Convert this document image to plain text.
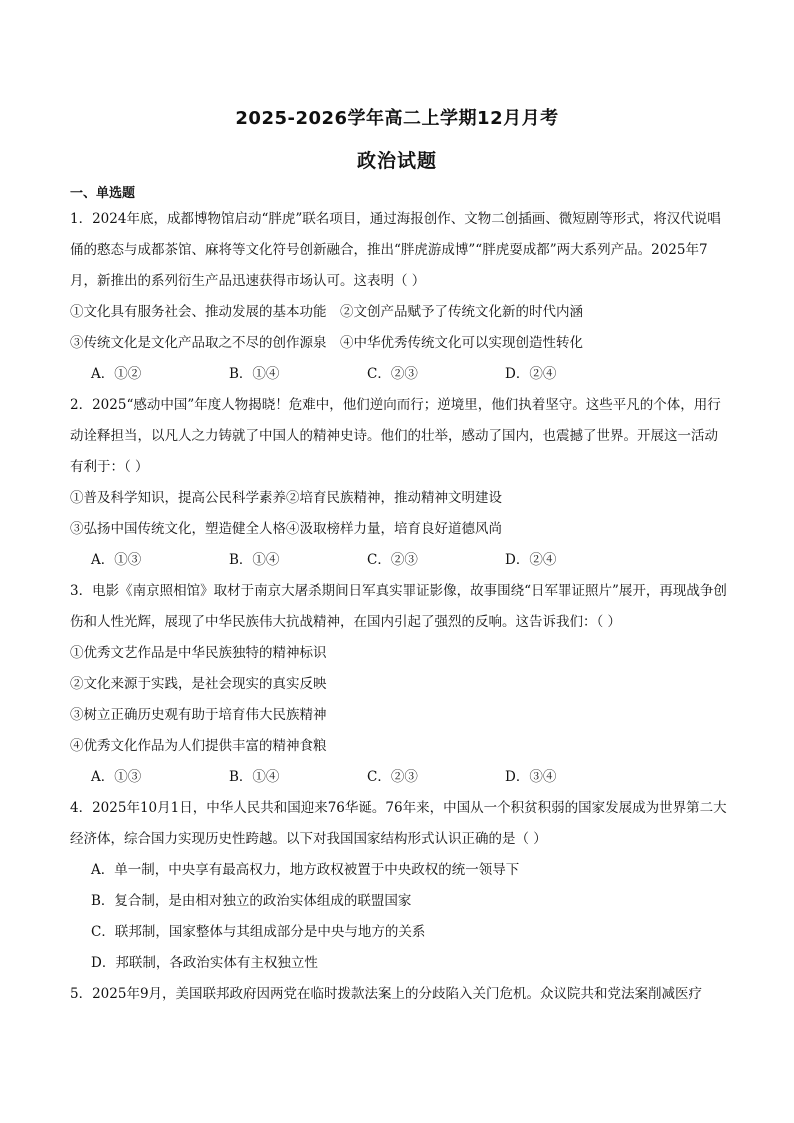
2025-2026学年高二上学期12月月考
政治试题
一、单选题

1．2024年底，成都博物馆启动“胖虎”联名项目，通过海报创作、文物二创插画、微短剧等形式，将汉代说唱俑的憨态与成都茶馆、麻将等文化符号创新融合，推出“胖虎游成博”“胖虎耍成都”两大系列产品。2025年7月，新推出的系列衍生产品迅速获得市场认可。这表明（ ）

①文化具有服务社会、推动发展的基本功能　②文创产品赋予了传统文化新的时代内涵

③传统文化是文化产品取之不尽的创作源泉　④中华优秀传统文化可以实现创造性转化

A．①②	B．①④	C．②③	D．②④

2．2025“感动中国”年度人物揭晓！危难中，他们逆向而行；逆境里，他们执着坚守。这些平凡的个体，用行动诠释担当，以凡人之力铸就了中国人的精神史诗。他们的壮举，感动了国内，也震撼了世界。开展这一活动有利于：（ ）

①普及科学知识，提高公民科学素养②培育民族精神，推动精神文明建设

③弘扬中国传统文化，塑造健全人格④汲取榜样力量，培育良好道德风尚

A．①③	B．①④	C．②③	D．②④

3．电影《南京照相馆》取材于南京大屠杀期间日军真实罪证影像，故事围绕“日军罪证照片”展开，再现战争创伤和人性光辉，展现了中华民族伟大抗战精神，在国内引起了强烈的反响。这告诉我们：（ ）

①优秀文艺作品是中华民族独特的精神标识

②文化来源于实践，是社会现实的真实反映

③树立正确历史观有助于培育伟大民族精神

④优秀文化作品为人们提供丰富的精神食粮

A．①③	B．①④	C．②③	D．③④

4．2025年10月1日，中华人民共和国迎来76华诞。76年来，中国从一个积贫积弱的国家发展成为世界第二大经济体，综合国力实现历史性跨越。以下对我国国家结构形式认识正确的是（ ）

A．单一制，中央享有最高权力，地方政权被置于中央政权的统一领导下

B．复合制，是由相对独立的政治实体组成的联盟国家

C．联邦制，国家整体与其组成部分是中央与地方的关系

D．邦联制，各政治实体有主权独立性

5．2025年9月，美国联邦政府因两党在临时拨款法案上的分歧陷入关门危机。众议院共和党法案削减医疗
